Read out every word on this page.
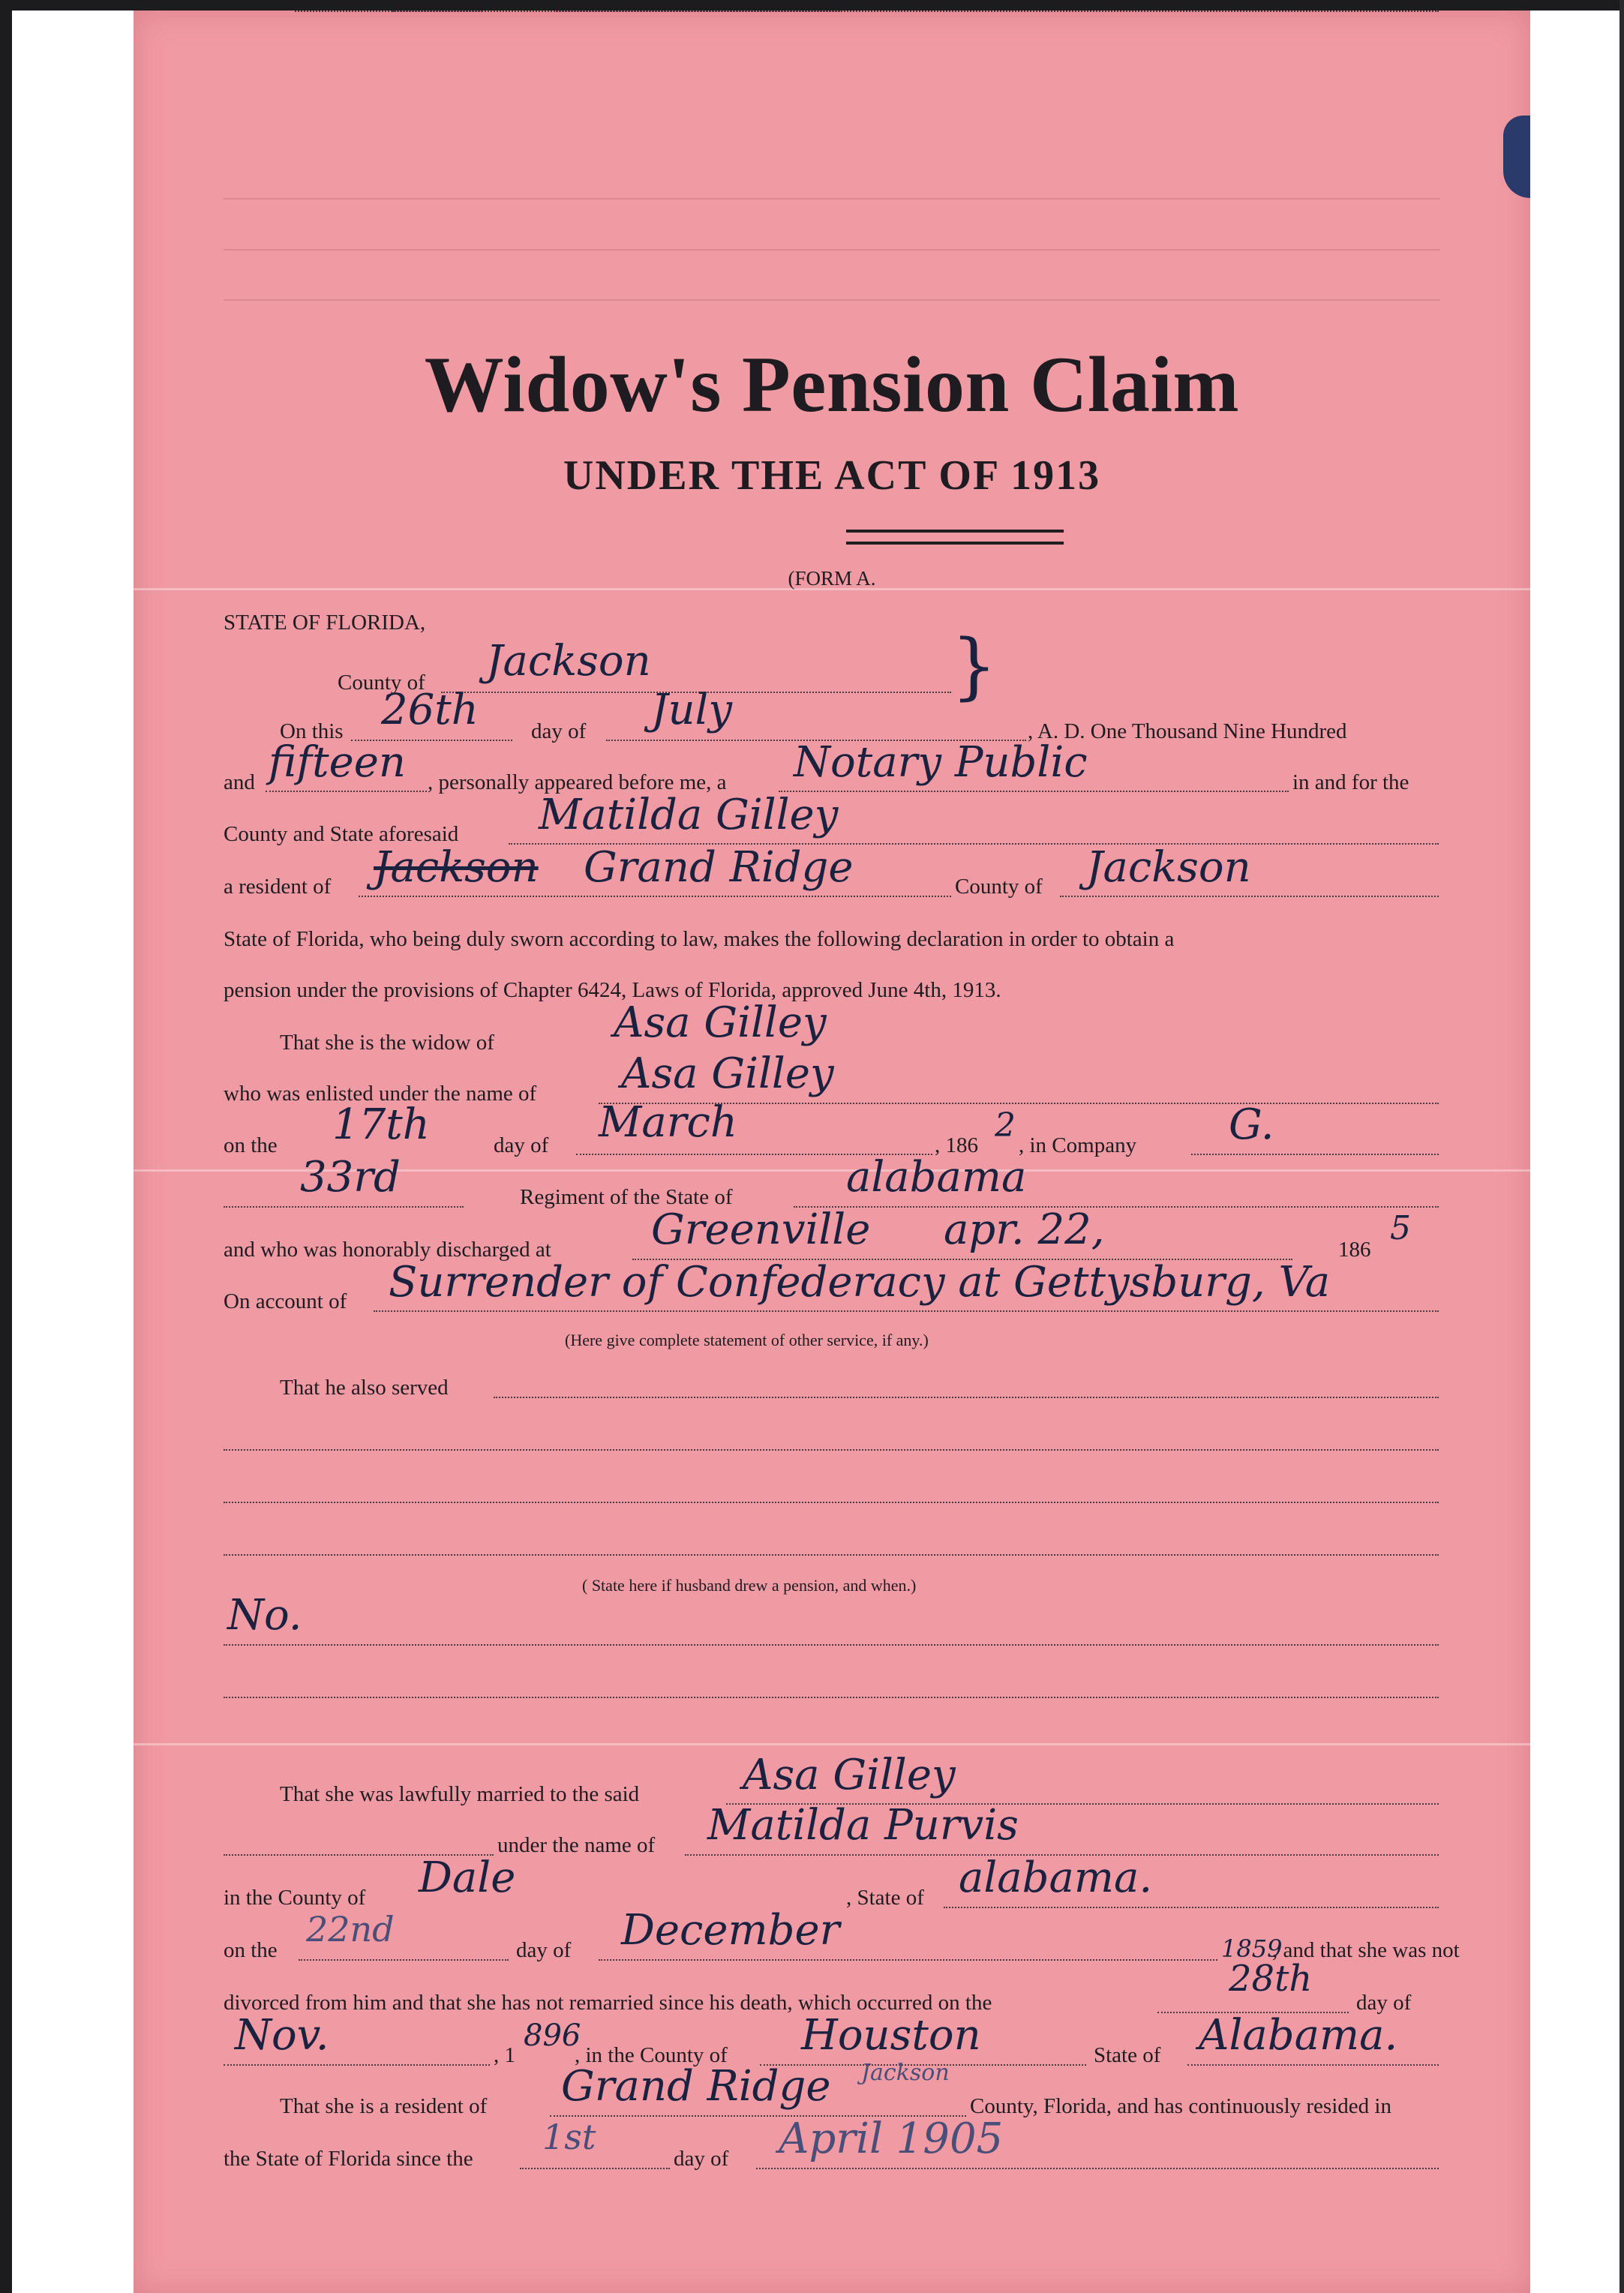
Widow's Pension Claim
UNDER THE ACT OF 1913
(FORM A.
STATE OF FLORIDA,
County of Jackson	}
On this 26th day of July	, A. D. One Thousand Nine Hundred
and fifteen , personally appeared before me, a Notary Public	in and for the
County and State aforesaid Matilda Gilley
a resident of Jackson Grand Ridge	County of Jackson
State of Florida, who being duly sworn according to law, makes the following declaration in order to obtain a
pension under the provisions of Chapter 6424, Laws of Florida, approved June 4th, 1913.
That she is the widow of	Asa Gilley
who was enlisted under the name of Asa Gilley
on the 17th	day of March	, 186
2
, in Company G.
33rd	Regiment of the State of	alabama
and who was honorably discharged at Greenville apr. 22,	186
5
On account of Surrender of Confederacy at Gettysburg, Va
(Here give complete statement of other service, if any.)
That he also served
( State here if husband drew a pension, and when.)
No.
That she was lawfully married to the said Asa Gilley
under the name of Matilda Purvis
in the County of Dale	, State of alabama.
on the
22nd
day of December	1859
, and that she was not
divorced from him and that she has not remarried since his death, which occurred on the
28th
day of
Nov.	, 1
896
, in the County of Houston	State of Alabama.
That she is a resident of Grand Ridge Jackson
County, Florida, and has continuously resided in
the State of Florida since the
1st
day of April 1905
